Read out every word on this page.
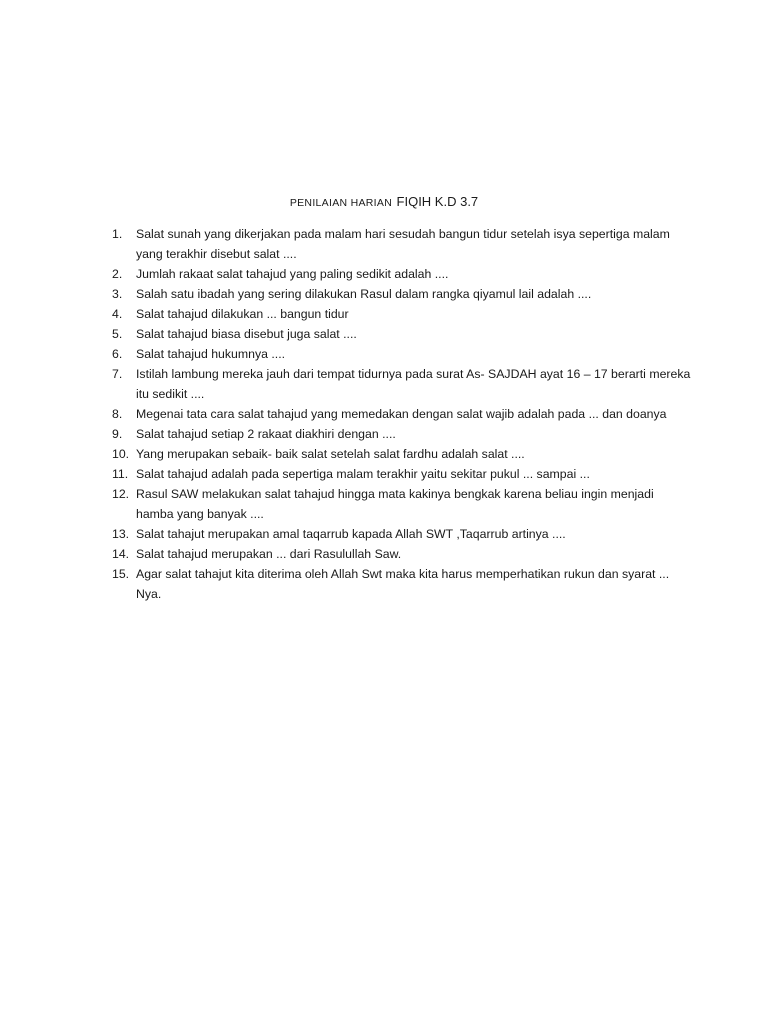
PENILAIAN HARIAN FIQIH K.D 3.7
1. Salat sunah yang dikerjakan pada malam hari sesudah bangun tidur setelah isya sepertiga malam yang terakhir disebut salat ....
2. Jumlah rakaat salat tahajud yang paling sedikit adalah ....
3. Salah satu ibadah yang sering dilakukan Rasul dalam rangka qiyamul lail adalah ....
4. Salat tahajud dilakukan ... bangun tidur
5. Salat tahajud biasa disebut juga salat ....
6. Salat tahajud hukumnya ....
7. Istilah lambung mereka jauh dari tempat tidurnya pada surat As- SAJDAH ayat 16 – 17 berarti mereka itu sedikit ....
8. Megenai tata cara salat tahajud yang memedakan dengan salat wajib adalah pada ... dan doanya
9. Salat tahajud setiap 2 rakaat diakhiri dengan ....
10. Yang merupakan sebaik- baik salat setelah salat fardhu adalah salat ....
11. Salat tahajud adalah pada sepertiga malam terakhir yaitu sekitar pukul ... sampai ...
12. Rasul SAW melakukan salat tahajud hingga mata kakinya bengkak karena beliau ingin menjadi hamba yang banyak ....
13. Salat tahajut merupakan amal taqarrub kapada Allah SWT ,Taqarrub artinya ....
14. Salat tahajud merupakan ... dari Rasulullah Saw.
15. Agar salat tahajut kita diterima oleh Allah Swt maka kita harus memperhatikan rukun dan syarat ... Nya.
